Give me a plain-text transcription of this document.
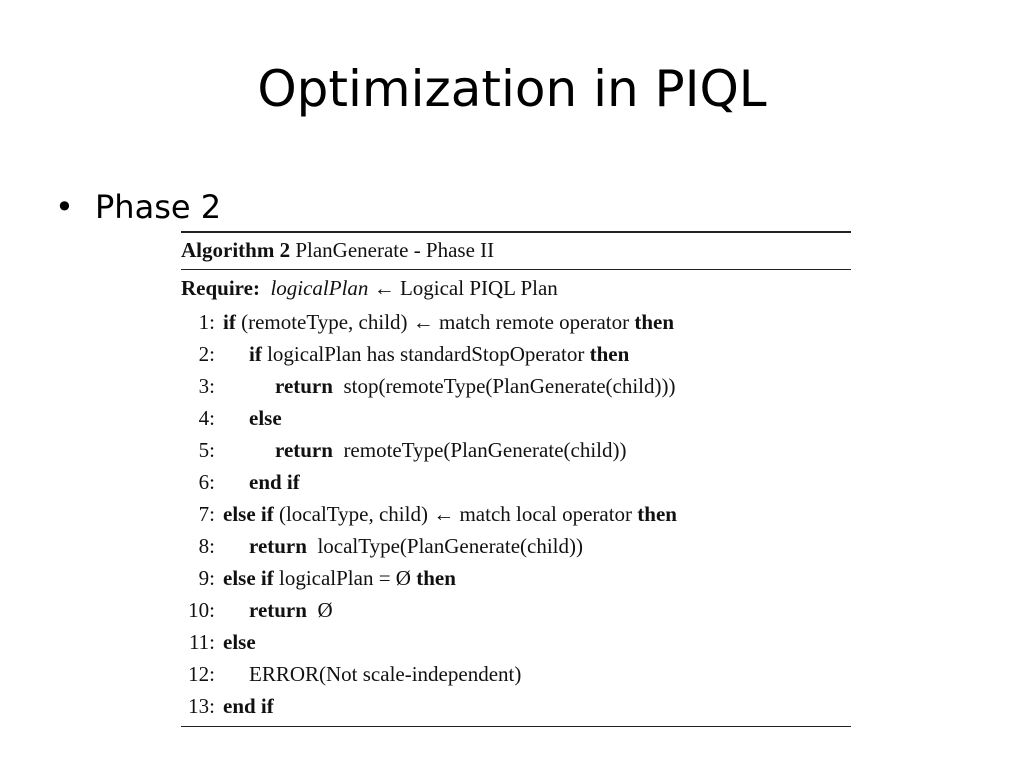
Optimization in PIQL
• Phase 2
Algorithm 2 PlanGenerate - Phase II
Require: logicalPlan ← Logical PIQL Plan
1: if (remoteType, child) ← match remote operator then
2: if logicalPlan has standardStopOperator then
3:	return  stop(remoteType(PlanGenerate(child)))
4: else
5:	return  remoteType(PlanGenerate(child))
6: end if
7: else if (localType, child) ← match local operator then
8: return  localType(PlanGenerate(child))
9: else if logicalPlan = Ø then
10: return  Ø
11: else
12: ERROR(Not scale-independent)
13: end if
